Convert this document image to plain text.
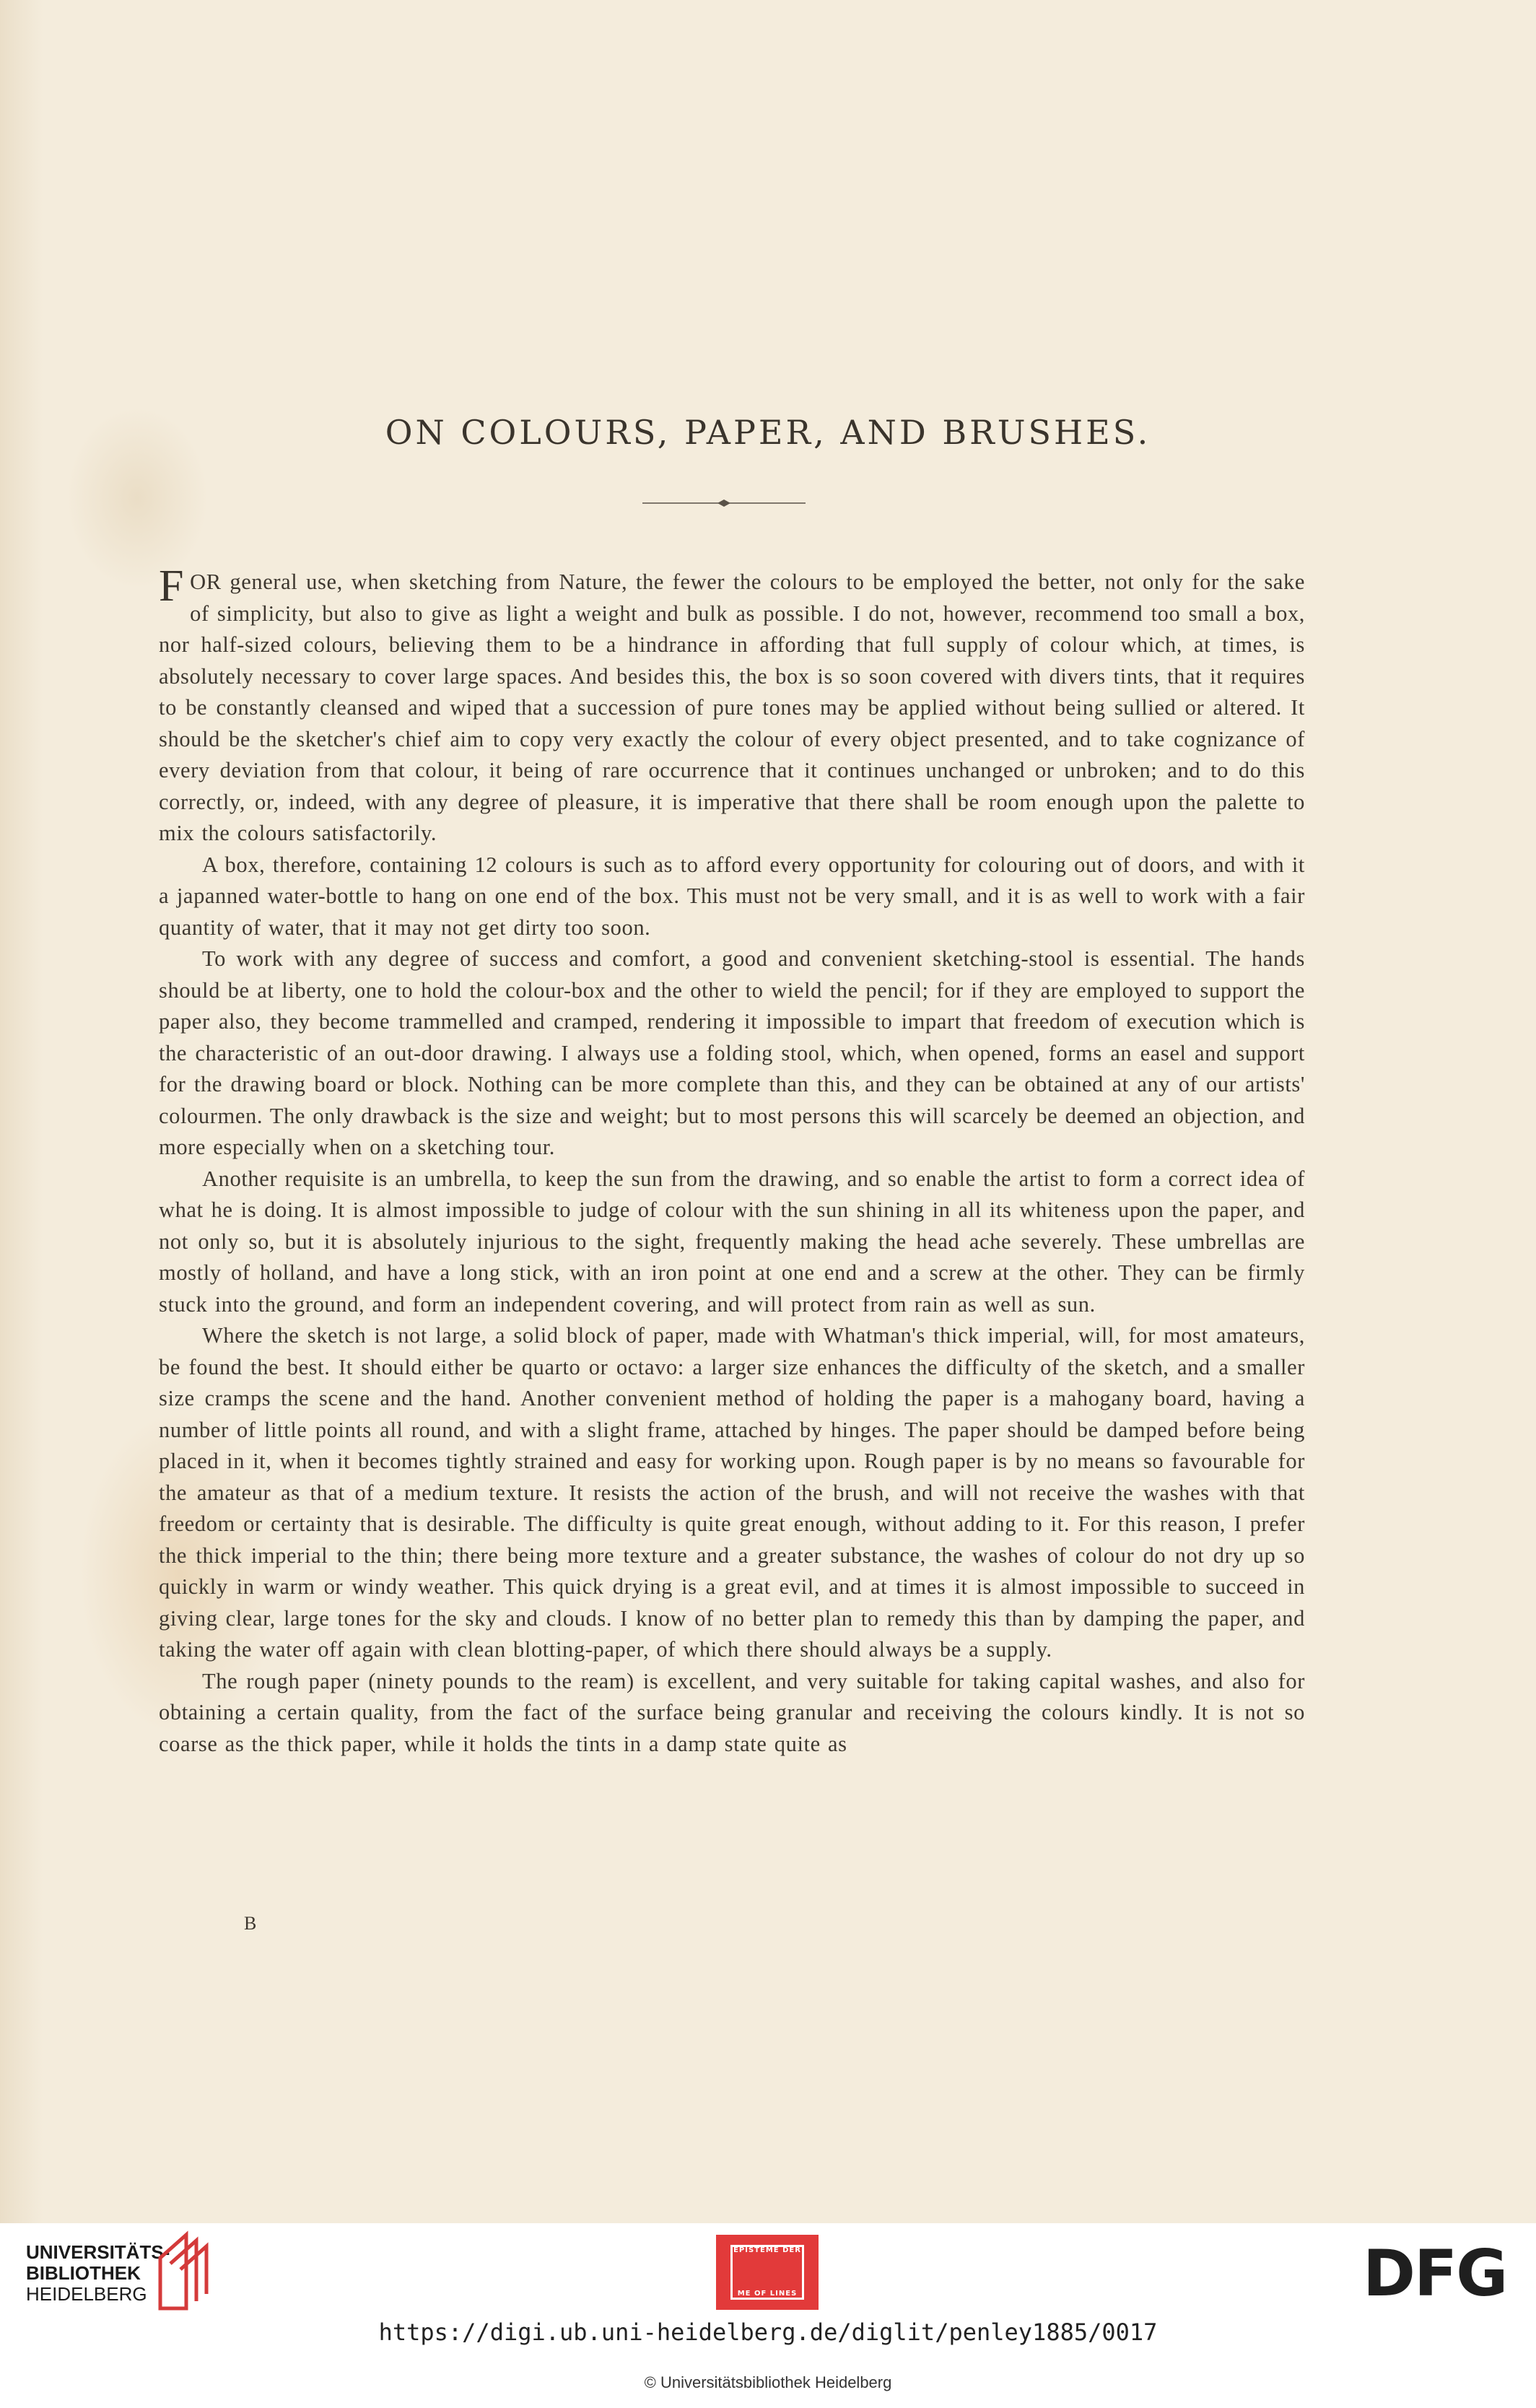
ON COLOURS, PAPER, AND BRUSHES.

FOR general use, when sketching from Nature, the fewer the colours to be employed the better, not only for the sake of simplicity, but also to give as light a weight and bulk as possible. I do not, however, recommend too small a box, nor half-sized colours, believing them to be a hindrance in affording that full supply of colour which, at times, is absolutely necessary to cover large spaces. And besides this, the box is so soon covered with divers tints, that it requires to be constantly cleansed and wiped that a succession of pure tones may be applied without being sullied or altered. It should be the sketcher's chief aim to copy very exactly the colour of every object presented, and to take cognizance of every deviation from that colour, it being of rare occurrence that it continues unchanged or unbroken; and to do this correctly, or, indeed, with any degree of pleasure, it is imperative that there shall be room enough upon the palette to mix the colours satisfactorily.

A box, therefore, containing 12 colours is such as to afford every opportunity for colouring out of doors, and with it a japanned water-bottle to hang on one end of the box. This must not be very small, and it is as well to work with a fair quantity of water, that it may not get dirty too soon.

To work with any degree of success and comfort, a good and convenient sketching-stool is essential. The hands should be at liberty, one to hold the colour-box and the other to wield the pencil; for if they are employed to support the paper also, they become trammelled and cramped, rendering it impossible to impart that freedom of execution which is the characteristic of an out-door drawing. I always use a folding stool, which, when opened, forms an easel and support for the drawing board or block. Nothing can be more complete than this, and they can be obtained at any of our artists' colourmen. The only drawback is the size and weight; but to most persons this will scarcely be deemed an objection, and more especially when on a sketching tour.

Another requisite is an umbrella, to keep the sun from the drawing, and so enable the artist to form a correct idea of what he is doing. It is almost impossible to judge of colour with the sun shining in all its whiteness upon the paper, and not only so, but it is absolutely injurious to the sight, frequently making the head ache severely. These umbrellas are mostly of holland, and have a long stick, with an iron point at one end and a screw at the other. They can be firmly stuck into the ground, and form an independent covering, and will protect from rain as well as sun.

Where the sketch is not large, a solid block of paper, made with Whatman's thick imperial, will, for most amateurs, be found the best. It should either be quarto or octavo: a larger size enhances the difficulty of the sketch, and a smaller size cramps the scene and the hand. Another convenient method of holding the paper is a mahogany board, having a number of little points all round, and with a slight frame, attached by hinges. The paper should be damped before being placed in it, when it becomes tightly strained and easy for working upon. Rough paper is by no means so favourable for the amateur as that of a medium texture. It resists the action of the brush, and will not receive the washes with that freedom or certainty that is desirable. The difficulty is quite great enough, without adding to it. For this reason, I prefer the thick imperial to the thin; there being more texture and a greater substance, the washes of colour do not dry up so quickly in warm or windy weather. This quick drying is a great evil, and at times it is almost impossible to succeed in giving clear, large tones for the sky and clouds. I know of no better plan to remedy this than by damping the paper, and taking the water off again with clean blotting-paper, of which there should always be a supply.

The rough paper (ninety pounds to the ream) is excellent, and very suitable for taking capital washes, and also for obtaining a certain quality, from the fact of the surface being granular and receiving the colours kindly. It is not so coarse as the thick paper, while it holds the tints in a damp state quite as

B
UNIVERSITÄTS-
BIBLIOTHEK
HEIDELBERG
EPISTEME DER
ME OF LINES	DFG
https://digi.ub.uni-heidelberg.de/diglit/penley1885/0017
© Universitätsbibliothek Heidelberg
